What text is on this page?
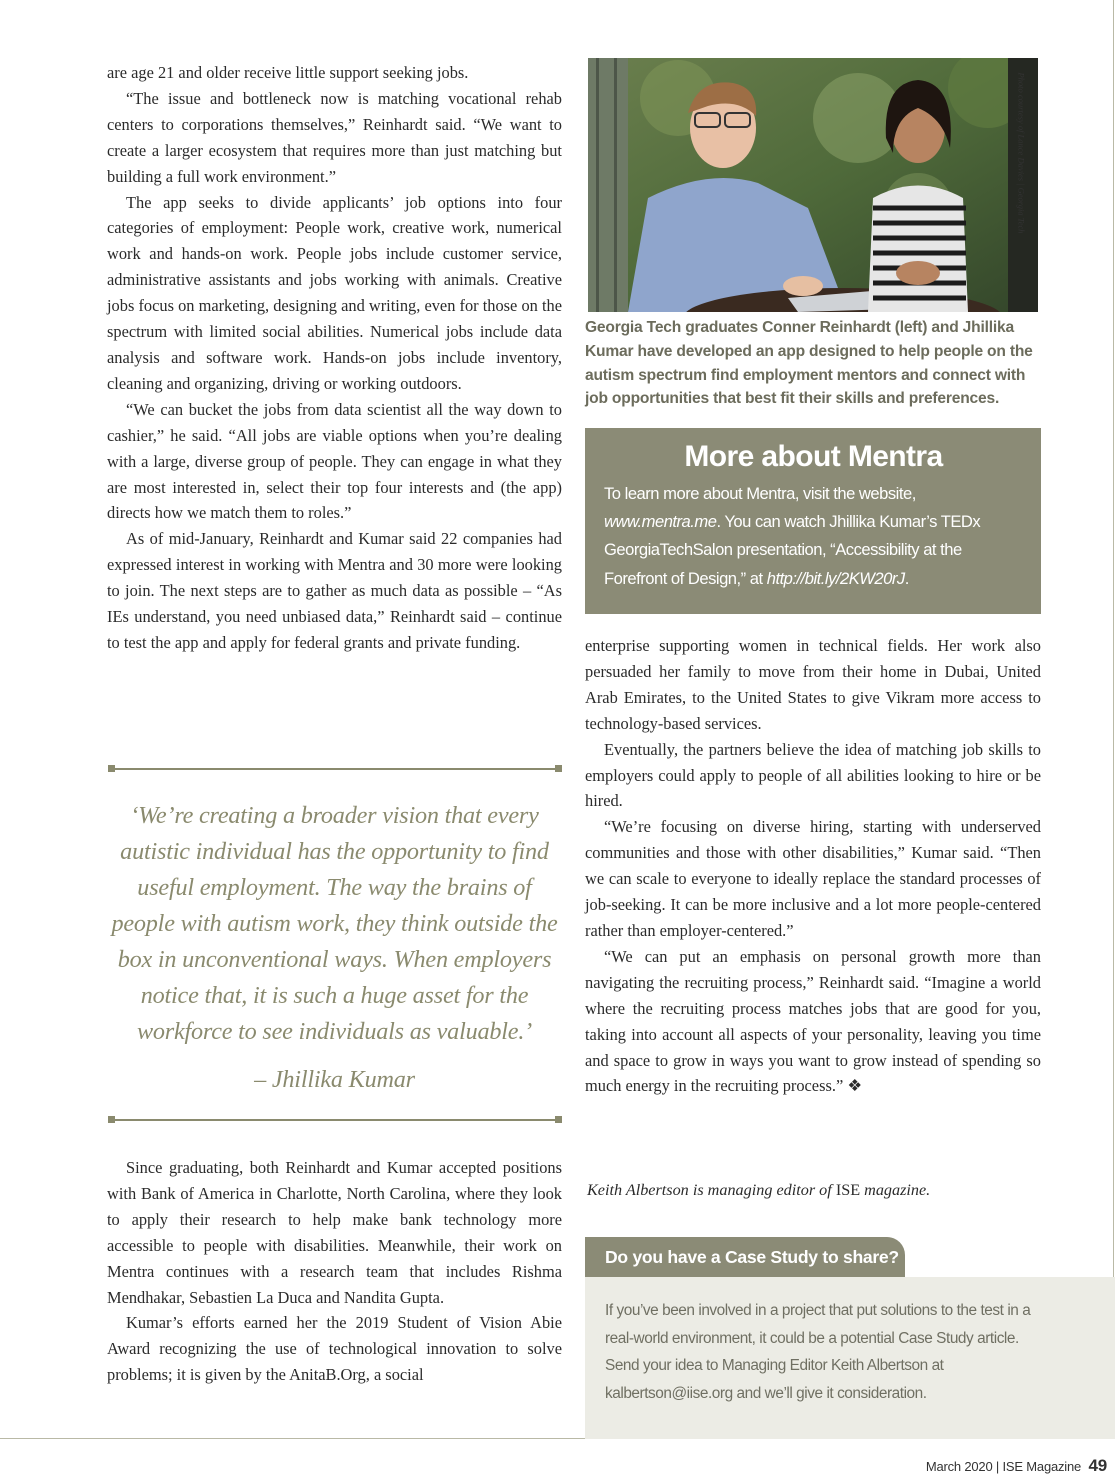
are age 21 and older receive little support seeking jobs.

“The issue and bottleneck now is matching vocational rehab centers to corporations themselves,” Reinhardt said. “We want to create a larger ecosystem that requires more than just matching but building a full work environment.”

The app seeks to divide applicants’ job options into four categories of employment: People work, creative work, numerical work and hands-on work. People jobs include customer service, administrative assistants and jobs working with animals. Creative jobs focus on marketing, designing and writing, even for those on the spectrum with limited social abilities. Numerical jobs include data analysis and software work. Hands-on jobs include inventory, cleaning and organizing, driving or working outdoors.

“We can bucket the jobs from data scientist all the way down to cashier,” he said. “All jobs are viable options when you’re dealing with a large, diverse group of people. They can engage in what they are most interested in, select their top four interests and (the app) directs how we match them to roles.”

As of mid-January, Reinhardt and Kumar said 22 companies had expressed interest in working with Mentra and 30 more were looking to join. The next steps are to gather as much data as possible – “As IEs understand, you need unbiased data,” Reinhardt said – continue to test the app and apply for federal grants and private funding.

‘We’re creating a broader vision that every autistic individual has the opportunity to find useful employment. The way the brains of people with autism work, they think outside the box in unconventional ways. When employers notice that, it is such a huge asset for the workforce to see individuals as valuable.’
– Jhillika Kumar

Since graduating, both Reinhardt and Kumar accepted positions with Bank of America in Charlotte, North Carolina, where they look to apply their research to help make bank technology more accessible to people with disabilities. Meanwhile, their work on Mentra continues with a research team that includes Rishma Mendhakar, Sebastien La Duca and Nandita Gupta.

Kumar’s efforts earned her the 2019 Student of Vision Abie Award recognizing the use of technological innovation to solve problems; it is given by the AnitaB.Org, a social

Photo courtesy of Lance Davies | Georgia Tech
Georgia Tech graduates Conner Reinhardt (left) and Jhillika Kumar have developed an app designed to help people on the autism spectrum find employment mentors and connect with job opportunities that best fit their skills and preferences.
More about Mentra

To learn more about Mentra, visit the website, www.mentra.me. You can watch Jhillika Kumar’s TEDx GeorgiaTechSalon presentation, “Accessibility at the Forefront of Design,” at http://bit.ly/2KW20rJ.

enterprise supporting women in technical fields. Her work also persuaded her family to move from their home in Dubai, United Arab Emirates, to the United States to give Vikram more access to technology-based services.

Eventually, the partners believe the idea of matching job skills to employers could apply to people of all abilities looking to hire or be hired.

“We’re focusing on diverse hiring, starting with underserved communities and those with other disabilities,” Kumar said. “Then we can scale to everyone to ideally replace the standard processes of job-seeking. It can be more inclusive and a lot more people-centered rather than employer-centered.”

“We can put an emphasis on personal growth more than navigating the recruiting process,” Reinhardt said. “Imagine a world where the recruiting process matches jobs that are good for you, taking into account all aspects of your personality, leaving you time and space to grow in ways you want to grow instead of spending so much energy in the recruiting process.” ❖

Keith Albertson is managing editor of ISE magazine.
Do you have a Case Study to share?

If you’ve been involved in a project that put solutions to the test in a real-world environment, it could be a potential Case Study article. Send your idea to Managing Editor Keith Albertson at kalbertson@iise.org and we’ll give it consideration.

March 2020 | ISE Magazine 49
